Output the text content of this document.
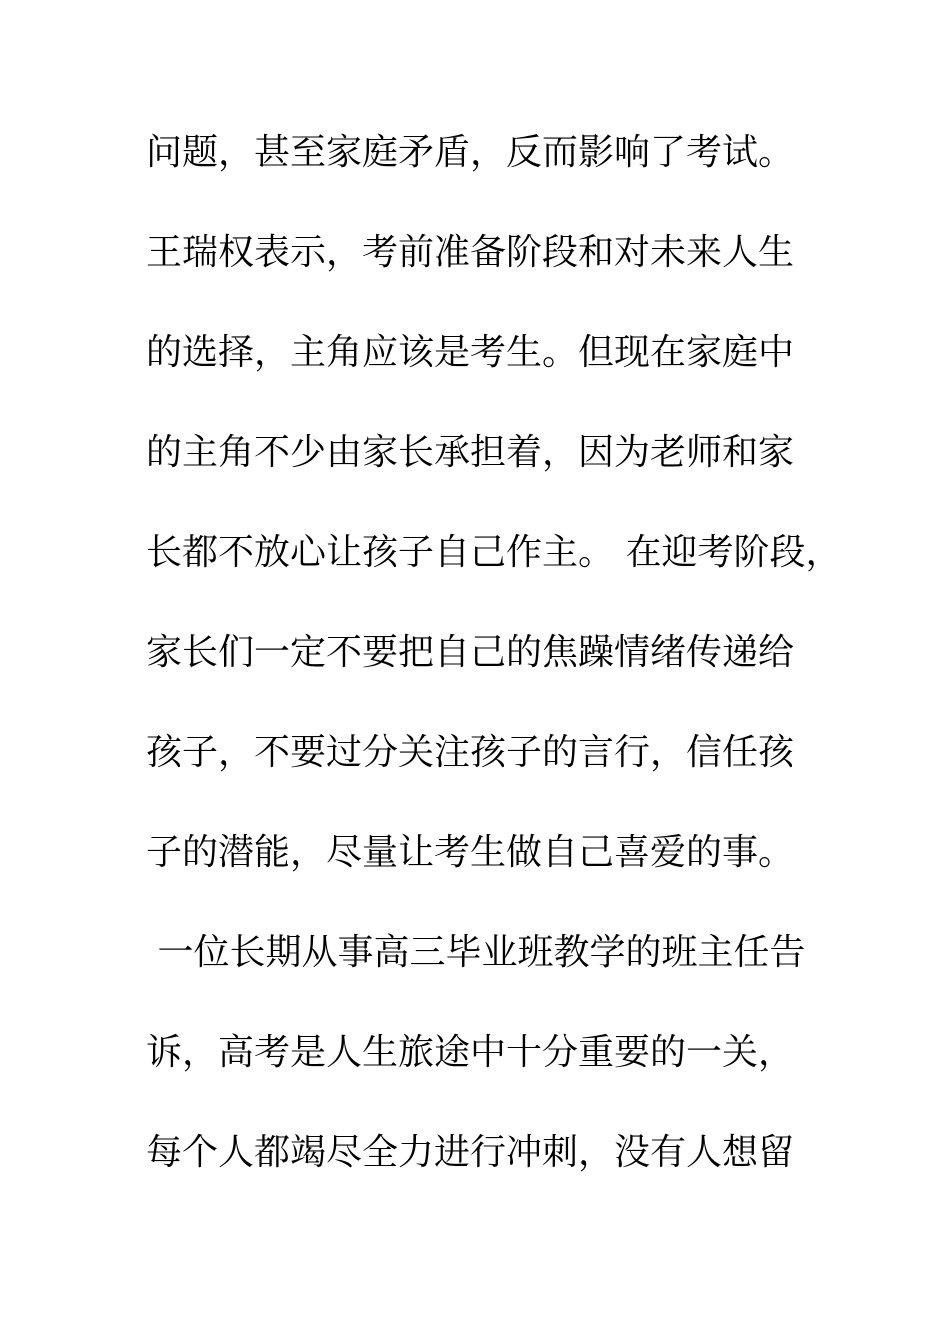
问题，甚至家庭矛盾，反而影响了考试。
王瑞权表示，考前准备阶段和对未来人生
的选择，主角应该是考生。但现在家庭中
的主角不少由家长承担着，因为老师和家
长都不放心让孩子自己作主。 在迎考阶段，
家长们一定不要把自己的焦躁情绪传递给
孩子，不要过分关注孩子的言行，信任孩
子的潜能，尽量让考生做自己喜爱的事。
一位长期从事高三毕业班教学的班主任告
诉，高考是人生旅途中十分重要的一关，
每个人都竭尽全力进行冲刺，没有人想留
